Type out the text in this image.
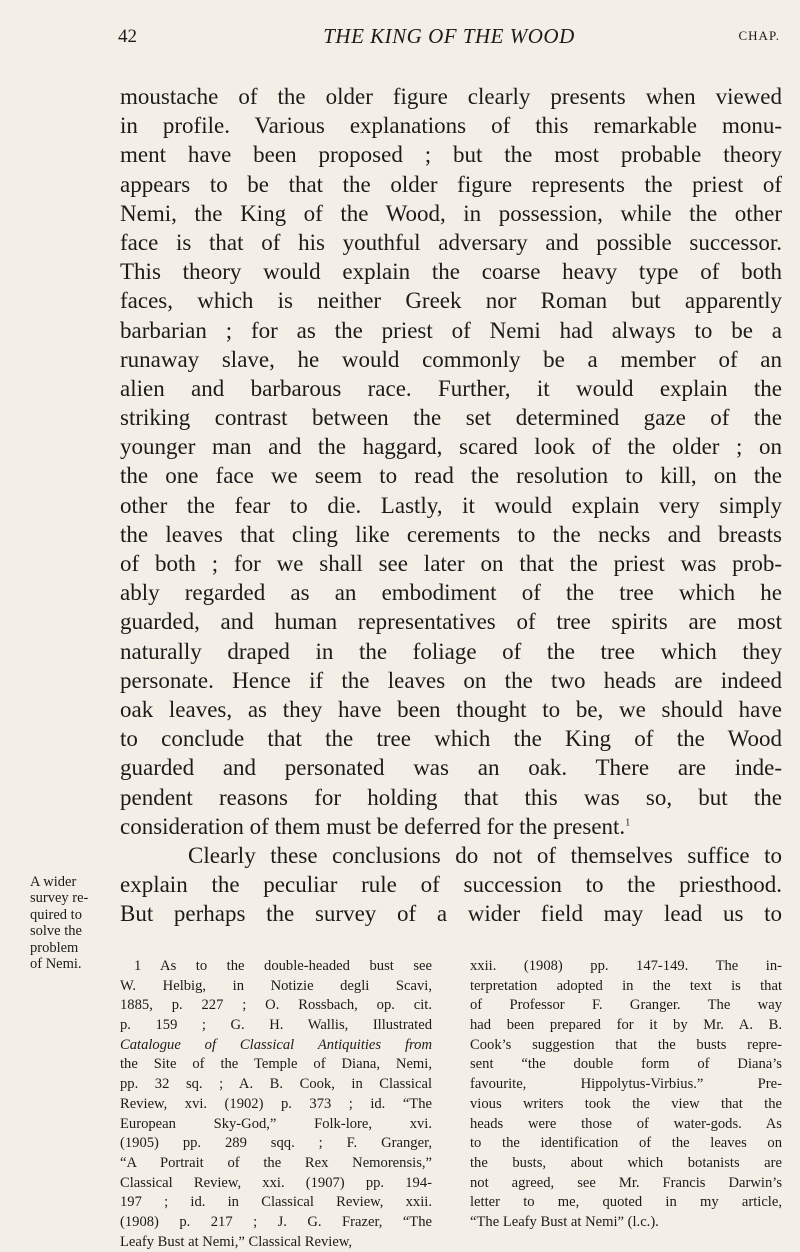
42	THE KING OF THE WOOD	CHAP.
moustache of the older figure clearly presents when viewed
in profile. Various explanations of this remarkable monu-
ment have been proposed ; but the most probable theory
appears to be that the older figure represents the priest of
Nemi, the King of the Wood, in possession, while the other
face is that of his youthful adversary and possible successor.
This theory would explain the coarse heavy type of both
faces, which is neither Greek nor Roman but apparently
barbarian ; for as the priest of Nemi had always to be a
runaway slave, he would commonly be a member of an
alien and barbarous race. Further, it would explain the
striking contrast between the set determined gaze of the
younger man and the haggard, scared look of the older ; on
the one face we seem to read the resolution to kill, on the
other the fear to die. Lastly, it would explain very simply
the leaves that cling like cerements to the necks and breasts
of both ; for we shall see later on that the priest was prob-
ably regarded as an embodiment of the tree which he
guarded, and human representatives of tree spirits are most
naturally draped in the foliage of the tree which they
personate. Hence if the leaves on the two heads are indeed
oak leaves, as they have been thought to be, we should have
to conclude that the tree which the King of the Wood
guarded and personated was an oak. There are inde-
pendent reasons for holding that this was so, but the
consideration of them must be deferred for the present.$^1$
Clearly these conclusions do not of themselves suffice to
explain the peculiar rule of succession to the priesthood.
But perhaps the survey of a wider field may lead us to
A wider
survey re-
quired to
solve the
problem
of Nemi.	1 As to the double-headed bust see
W. Helbig, in Notizie degli Scavi,
1885, p. 227 ; O. Rossbach, op. cit.
p. 159 ; G. H. Wallis, Illustrated
Catalogue of Classical Antiquities from
the Site of the Temple of Diana, Nemi,
pp. 32 sq. ; A. B. Cook, in Classical
Review, xvi. (1902) p. 373 ; id. “The
European Sky-God,” Folk-lore, xvi.
(1905) pp. 289 sqq. ; F. Granger,
“A Portrait of the Rex Nemorensis,”
Classical Review, xxi. (1907) pp. 194-
197 ; id. in Classical Review, xxii.
(1908) p. 217 ; J. G. Frazer, “The
Leafy Bust at Nemi,” Classical Review,
xxii. (1908) pp. 147-149. The in-
terpretation adopted in the text is that
of Professor F. Granger. The way
had been prepared for it by Mr. A. B.
Cook’s suggestion that the busts repre-
sent “the double form of Diana’s
favourite, Hippolytus-Virbius.” Pre-
vious writers took the view that the
heads were those of water-gods. As
to the identification of the leaves on
the busts, about which botanists are
not agreed, see Mr. Francis Darwin’s
letter to me, quoted in my article,
“The Leafy Bust at Nemi” (l.c.).
